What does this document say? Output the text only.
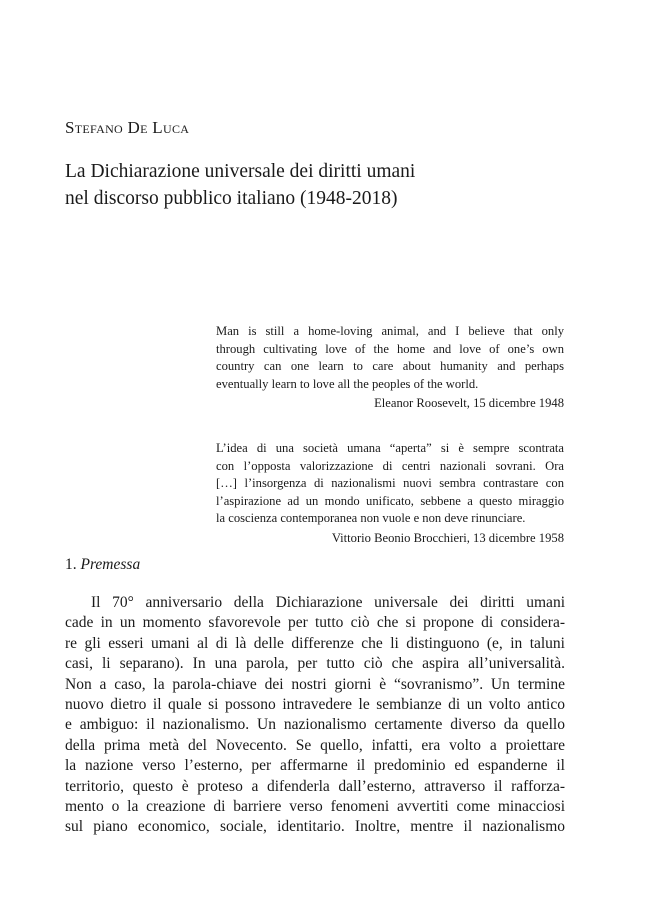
Stefano De Luca
La Dichiarazione universale dei diritti umani
nel discorso pubblico italiano (1948-2018)
Man is still a home-loving animal, and I believe that only
through cultivating love of the home and love of one’s own
country can one learn to care about humanity and perhaps
eventually learn to love all the peoples of the world.
Eleanor Roosevelt, 15 dicembre 1948
L’idea di una società umana “aperta” si è sempre scontrata
con l’opposta valorizzazione di centri nazionali sovrani. Ora
[…] l’insorgenza di nazionalismi nuovi sembra contrastare con
l’aspirazione ad un mondo unificato, sebbene a questo miraggio
la coscienza contemporanea non vuole e non deve rinunciare.
Vittorio Beonio Brocchieri, 13 dicembre 1958
1. Premessa
Il 70° anniversario della Dichiarazione universale dei diritti umani
cade in un momento sfavorevole per tutto ciò che si propone di considera-
re gli esseri umani al di là delle differenze che li distinguono (e, in taluni
casi, li separano). In una parola, per tutto ciò che aspira all’universalità.
Non a caso, la parola-chiave dei nostri giorni è “sovranismo”. Un termine
nuovo dietro il quale si possono intravedere le sembianze di un volto antico
e ambiguo: il nazionalismo. Un nazionalismo certamente diverso da quello
della prima metà del Novecento. Se quello, infatti, era volto a proiettare
la nazione verso l’esterno, per affermarne il predominio ed espanderne il
territorio, questo è proteso a difenderla dall’esterno, attraverso il rafforza-
mento o la creazione di barriere verso fenomeni avvertiti come minacciosi
sul piano economico, sociale, identitario. Inoltre, mentre il nazionalismo
